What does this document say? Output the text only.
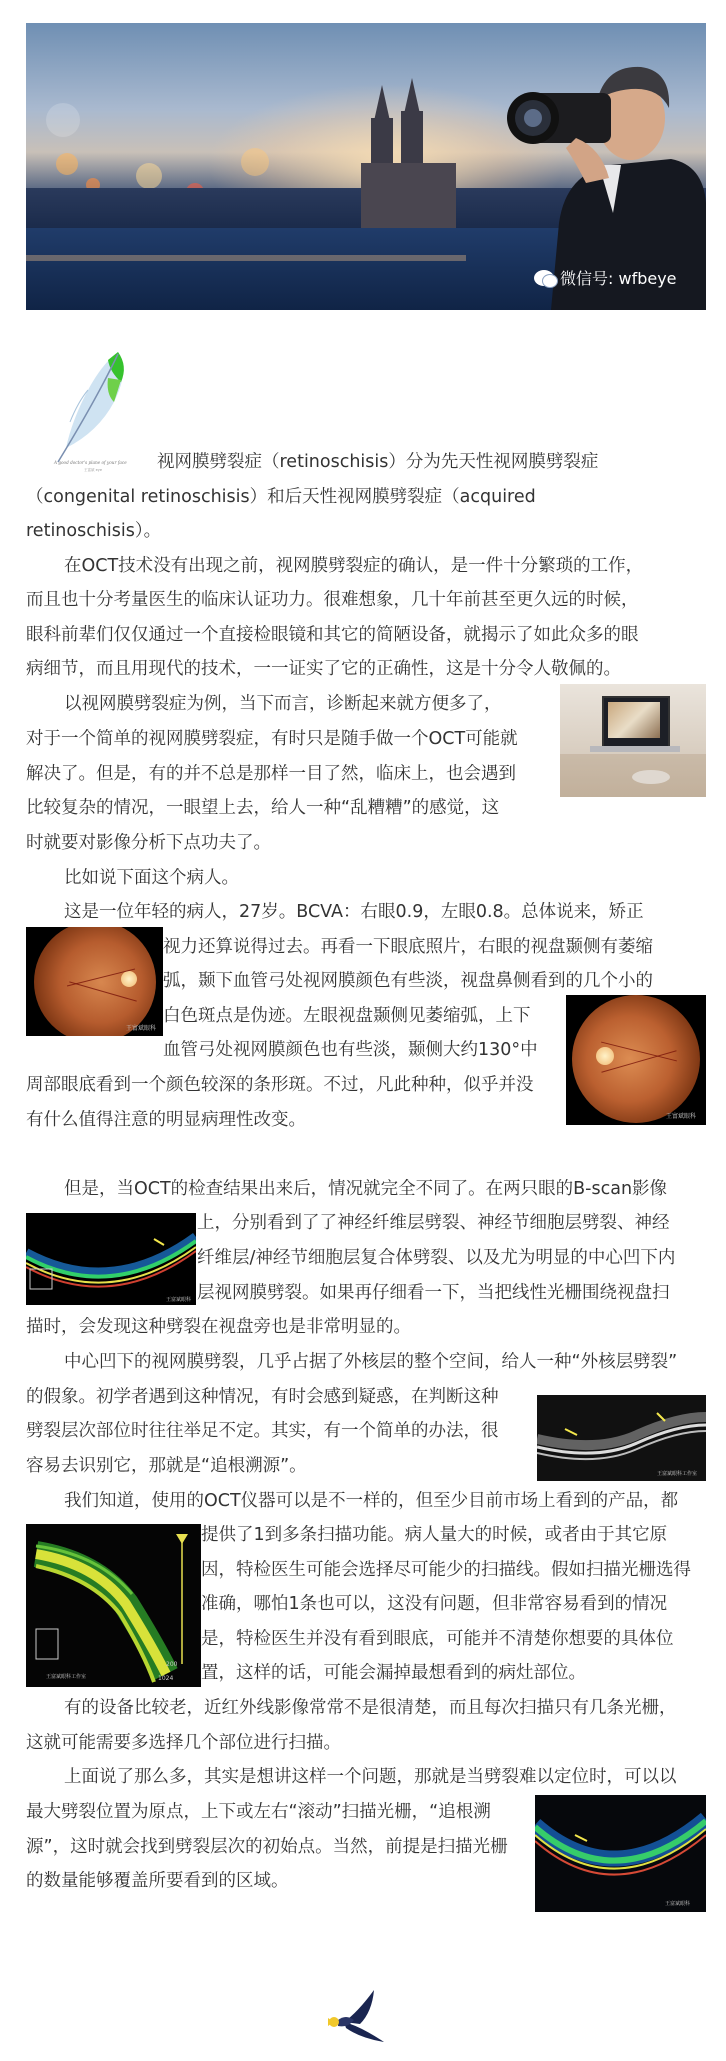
微信号: wfbeye
A good doctor's plane of your face
王富斌 eye	视网膜劈裂症（retinoschisis）分为先天性视网膜劈裂症
（congenital retinoschisis）和后天性视网膜劈裂症（acquired
retinoschisis）。
在OCT技术没有出现之前，视网膜劈裂症的确认，是一件十分繁琐的工作，
而且也十分考量医生的临床认证功力。很难想象，几十年前甚至更久远的时候，
眼科前辈们仅仅通过一个直接检眼镜和其它的简陋设备，就揭示了如此众多的眼
病细节，而且用现代的技术，一一证实了它的正确性，这是十分令人敬佩的。
以视网膜劈裂症为例，当下而言，诊断起来就方便多了，
对于一个简单的视网膜劈裂症，有时只是随手做一个OCT可能就
解决了。但是，有的并不总是那样一目了然，临床上，也会遇到
比较复杂的情况，一眼望上去，给人一种“乱糟糟”的感觉，这
时就要对影像分析下点功夫了。
比如说下面这个病人。
这是一位年轻的病人，27岁。BCVA：右眼0.9，左眼0.8。总体说来，矫正
视力还算说得过去。再看一下眼底照片，右眼的视盘颞侧有萎缩
弧，颞下血管弓处视网膜颜色有些淡，视盘鼻侧看到的几个小的
白色斑点是伪迹。左眼视盘颞侧见萎缩弧，上下
血管弓处视网膜颜色也有些淡，颞侧大约130°中
周部眼底看到一个颜色较深的条形斑。不过，凡此种种，似乎并没
有什么值得注意的明显病理性改变。
王富斌眼科
王富斌眼科
但是，当OCT的检查结果出来后，情况就完全不同了。在两只眼的B-scan影像
上，分别看到了了神经纤维层劈裂、神经节细胞层劈裂、神经
纤维层/神经节细胞层复合体劈裂、以及尤为明显的中心凹下内
层视网膜劈裂。如果再仔细看一下，当把线性光栅围绕视盘扫
描时，会发现这种劈裂在视盘旁也是非常明显的。
王富斌眼科
中心凹下的视网膜劈裂，几乎占据了外核层的整个空间，给人一种“外核层劈裂”
的假象。初学者遇到这种情况，有时会感到疑惑，在判断这种
劈裂层次部位时往往举足不定。其实，有一个简单的办法，很
容易去识别它，那就是“追根溯源”。	王富斌眼科工作室
我们知道，使用的OCT仪器可以是不一样的，但至少目前市场上看到的产品，都
提供了1到多条扫描功能。病人量大的时候，或者由于其它原
因，特检医生可能会选择尽可能少的扫描线。假如扫描光栅选得
准确，哪怕1条也可以，这没有问题，但非常容易看到的情况
是，特检医生并没有看到眼底，可能并不清楚你想要的具体位
置，这样的话，可能会漏掉最想看到的病灶部位。
200
1024
王富斌眼科工作室
有的设备比较老，近红外线影像常常不是很清楚，而且每次扫描只有几条光栅，
这就可能需要多选择几个部位进行扫描。
上面说了那么多，其实是想讲这样一个问题，那就是当劈裂难以定位时，可以以
最大劈裂位置为原点，上下或左右“滚动”扫描光栅，“追根溯
源”，这时就会找到劈裂层次的初始点。当然，前提是扫描光栅
的数量能够覆盖所要看到的区域。
王富斌眼科
